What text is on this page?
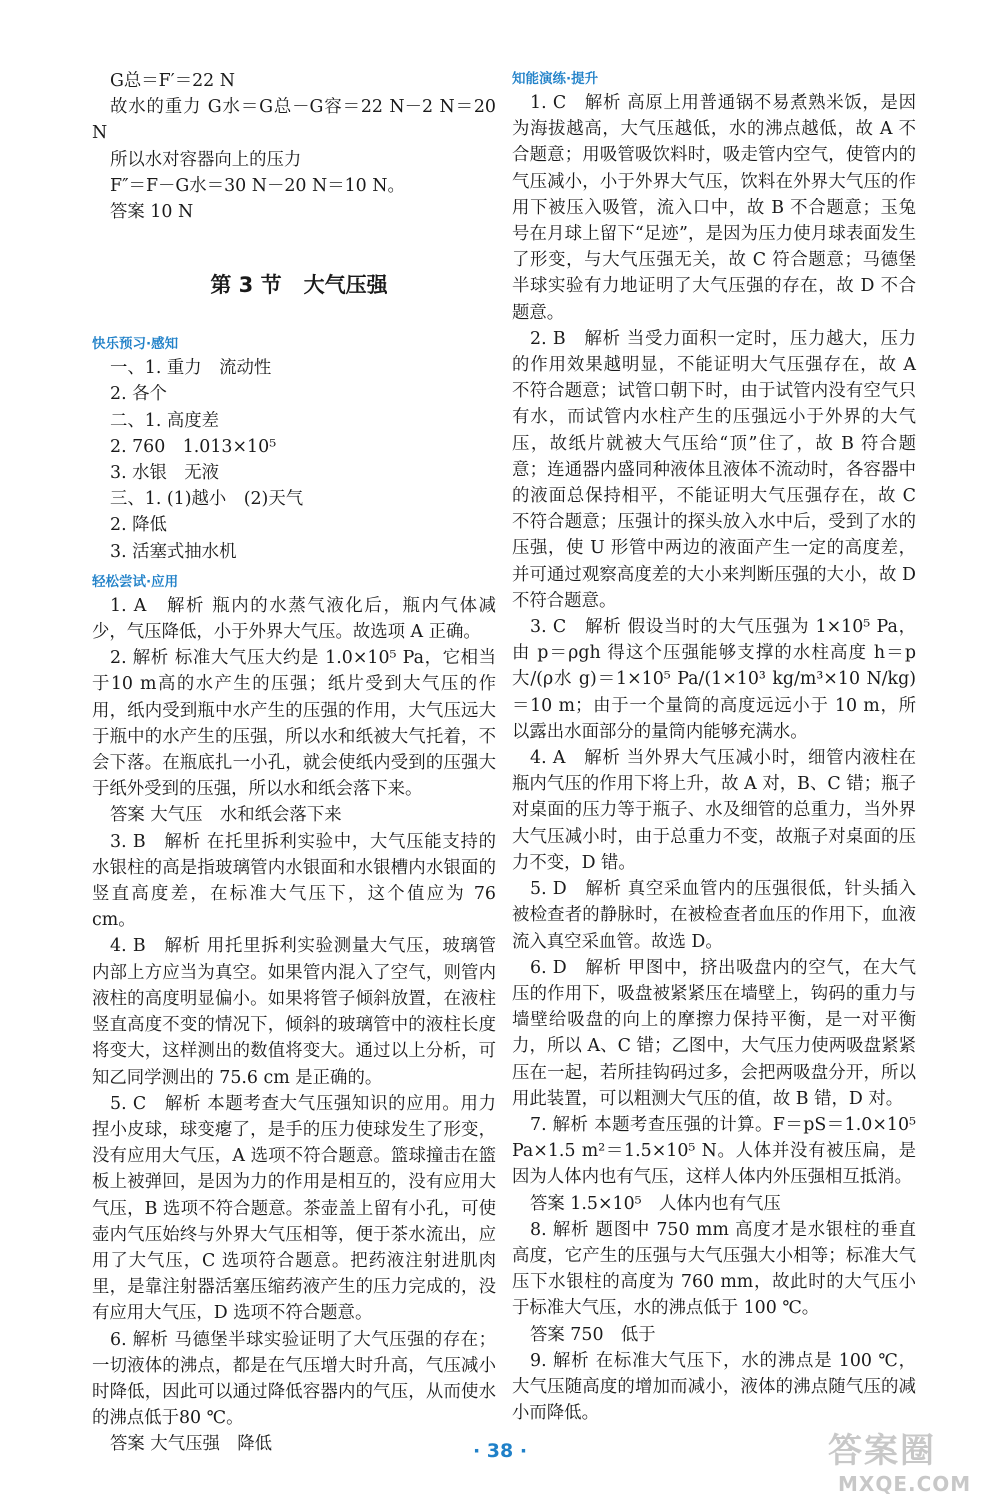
G总＝F′＝22 N

故水的重力 G水＝G总－G容＝22 N－2 N＝20 N

所以水对容器向上的压力

F″＝F－G水＝30 N－20 N＝10 N。

答案 10 N

第 3 节 大气压强
快乐预习·感知

一、1. 重力　流动性

2. 各个

二、1. 高度差

2. 760　1.013×10⁵

3. 水银　无液

三、1. (1)越小　(2)天气

2. 降低

3. 活塞式抽水机

轻松尝试·应用

1. A　解析 瓶内的水蒸气液化后，瓶内气体减少，气压降低，小于外界大气压。故选项 A 正确。

2. 解析 标准大气压大约是 1.0×10⁵ Pa，它相当于10 m高的水产生的压强；纸片受到大气压的作用，纸内受到瓶中水产生的压强的作用，大气压远大于瓶中的水产生的压强，所以水和纸被大气托着，不会下落。在瓶底扎一小孔，就会使纸内受到的压强大于纸外受到的压强，所以水和纸会落下来。

答案 大气压　水和纸会落下来

3. B　解析 在托里拆利实验中，大气压能支持的水银柱的高是指玻璃管内水银面和水银槽内水银面的竖直高度差，在标准大气压下，这个值应为 76 cm。

4. B　解析 用托里拆利实验测量大气压，玻璃管内部上方应当为真空。如果管内混入了空气，则管内液柱的高度明显偏小。如果将管子倾斜放置，在液柱竖直高度不变的情况下，倾斜的玻璃管中的液柱长度将变大，这样测出的数值将变大。通过以上分析，可知乙同学测出的 75.6 cm 是正确的。

5. C　解析 本题考查大气压强知识的应用。用力捏小皮球，球变瘪了，是手的压力使球发生了形变，没有应用大气压，A 选项不符合题意。篮球撞击在篮板上被弹回，是因为力的作用是相互的，没有应用大气压，B 选项不符合题意。茶壶盖上留有小孔，可使壶内气压始终与外界大气压相等，便于茶水流出，应用了大气压，C 选项符合题意。把药液注射进肌肉里，是靠注射器活塞压缩药液产生的压力完成的，没有应用大气压，D 选项不符合题意。

6. 解析 马德堡半球实验证明了大气压强的存在；一切液体的沸点，都是在气压增大时升高，气压减小时降低，因此可以通过降低容器内的气压，从而使水的沸点低于80 ℃。

答案 大气压强　降低

知能演练·提升

1. C　解析 高原上用普通锅不易煮熟米饭，是因为海拔越高，大气压越低，水的沸点越低，故 A 不合题意；用吸管吸饮料时，吸走管内空气，使管内的气压减小，小于外界大气压，饮料在外界大气压的作用下被压入吸管，流入口中，故 B 不合题意；玉兔号在月球上留下“足迹”，是因为压力使月球表面发生了形变，与大气压强无关，故 C 符合题意；马德堡半球实验有力地证明了大气压强的存在，故 D 不合题意。

2. B　解析 当受力面积一定时，压力越大，压力的作用效果越明显，不能证明大气压强存在，故 A 不符合题意；试管口朝下时，由于试管内没有空气只有水，而试管内水柱产生的压强远小于外界的大气压，故纸片就被大气压给“顶”住了，故 B 符合题意；连通器内盛同种液体且液体不流动时，各容器中的液面总保持相平，不能证明大气压强存在，故 C 不符合题意；压强计的探头放入水中后，受到了水的压强，使 U 形管中两边的液面产生一定的高度差，并可通过观察高度差的大小来判断压强的大小，故 D 不符合题意。

3. C　解析 假设当时的大气压强为 1×10⁵ Pa，由 p＝ρgh 得这个压强能够支撑的水柱高度 h＝p大/(ρ水 g)＝1×10⁵ Pa/(1×10³ kg/m³×10 N/kg)＝10 m；由于一个量筒的高度远远小于 10 m，所以露出水面部分的量筒内能够充满水。

4. A　解析 当外界大气压减小时，细管内液柱在瓶内气压的作用下将上升，故 A 对，B、C 错；瓶子对桌面的压力等于瓶子、水及细管的总重力，当外界大气压减小时，由于总重力不变，故瓶子对桌面的压力不变，D 错。

5. D　解析 真空采血管内的压强很低，针头插入被检查者的静脉时，在被检查者血压的作用下，血液流入真空采血管。故选 D。

6. D　解析 甲图中，挤出吸盘内的空气，在大气压的作用下，吸盘被紧紧压在墙壁上，钩码的重力与墙壁给吸盘的向上的摩擦力保持平衡，是一对平衡力，所以 A、C 错；乙图中，大气压力使两吸盘紧紧压在一起，若所挂钩码过多，会把两吸盘分开，所以用此装置，可以粗测大气压的值，故 B 错，D 对。

7. 解析 本题考查压强的计算。F＝pS＝1.0×10⁵ Pa×1.5 m²＝1.5×10⁵ N。人体并没有被压扁，是因为人体内也有气压，这样人体内外压强相互抵消。

答案 1.5×10⁵　人体内也有气压

8. 解析 题图中 750 mm 高度才是水银柱的垂直高度，它产生的压强与大气压强大小相等；标准大气压下水银柱的高度为 760 mm，故此时的大气压小于标准大气压，水的沸点低于 100 ℃。

答案 750　低于

9. 解析 在标准大气压下，水的沸点是 100 ℃，大气压随高度的增加而减小，液体的沸点随气压的减小而降低。

· 38 ·	答案圈
MXQE.COM
